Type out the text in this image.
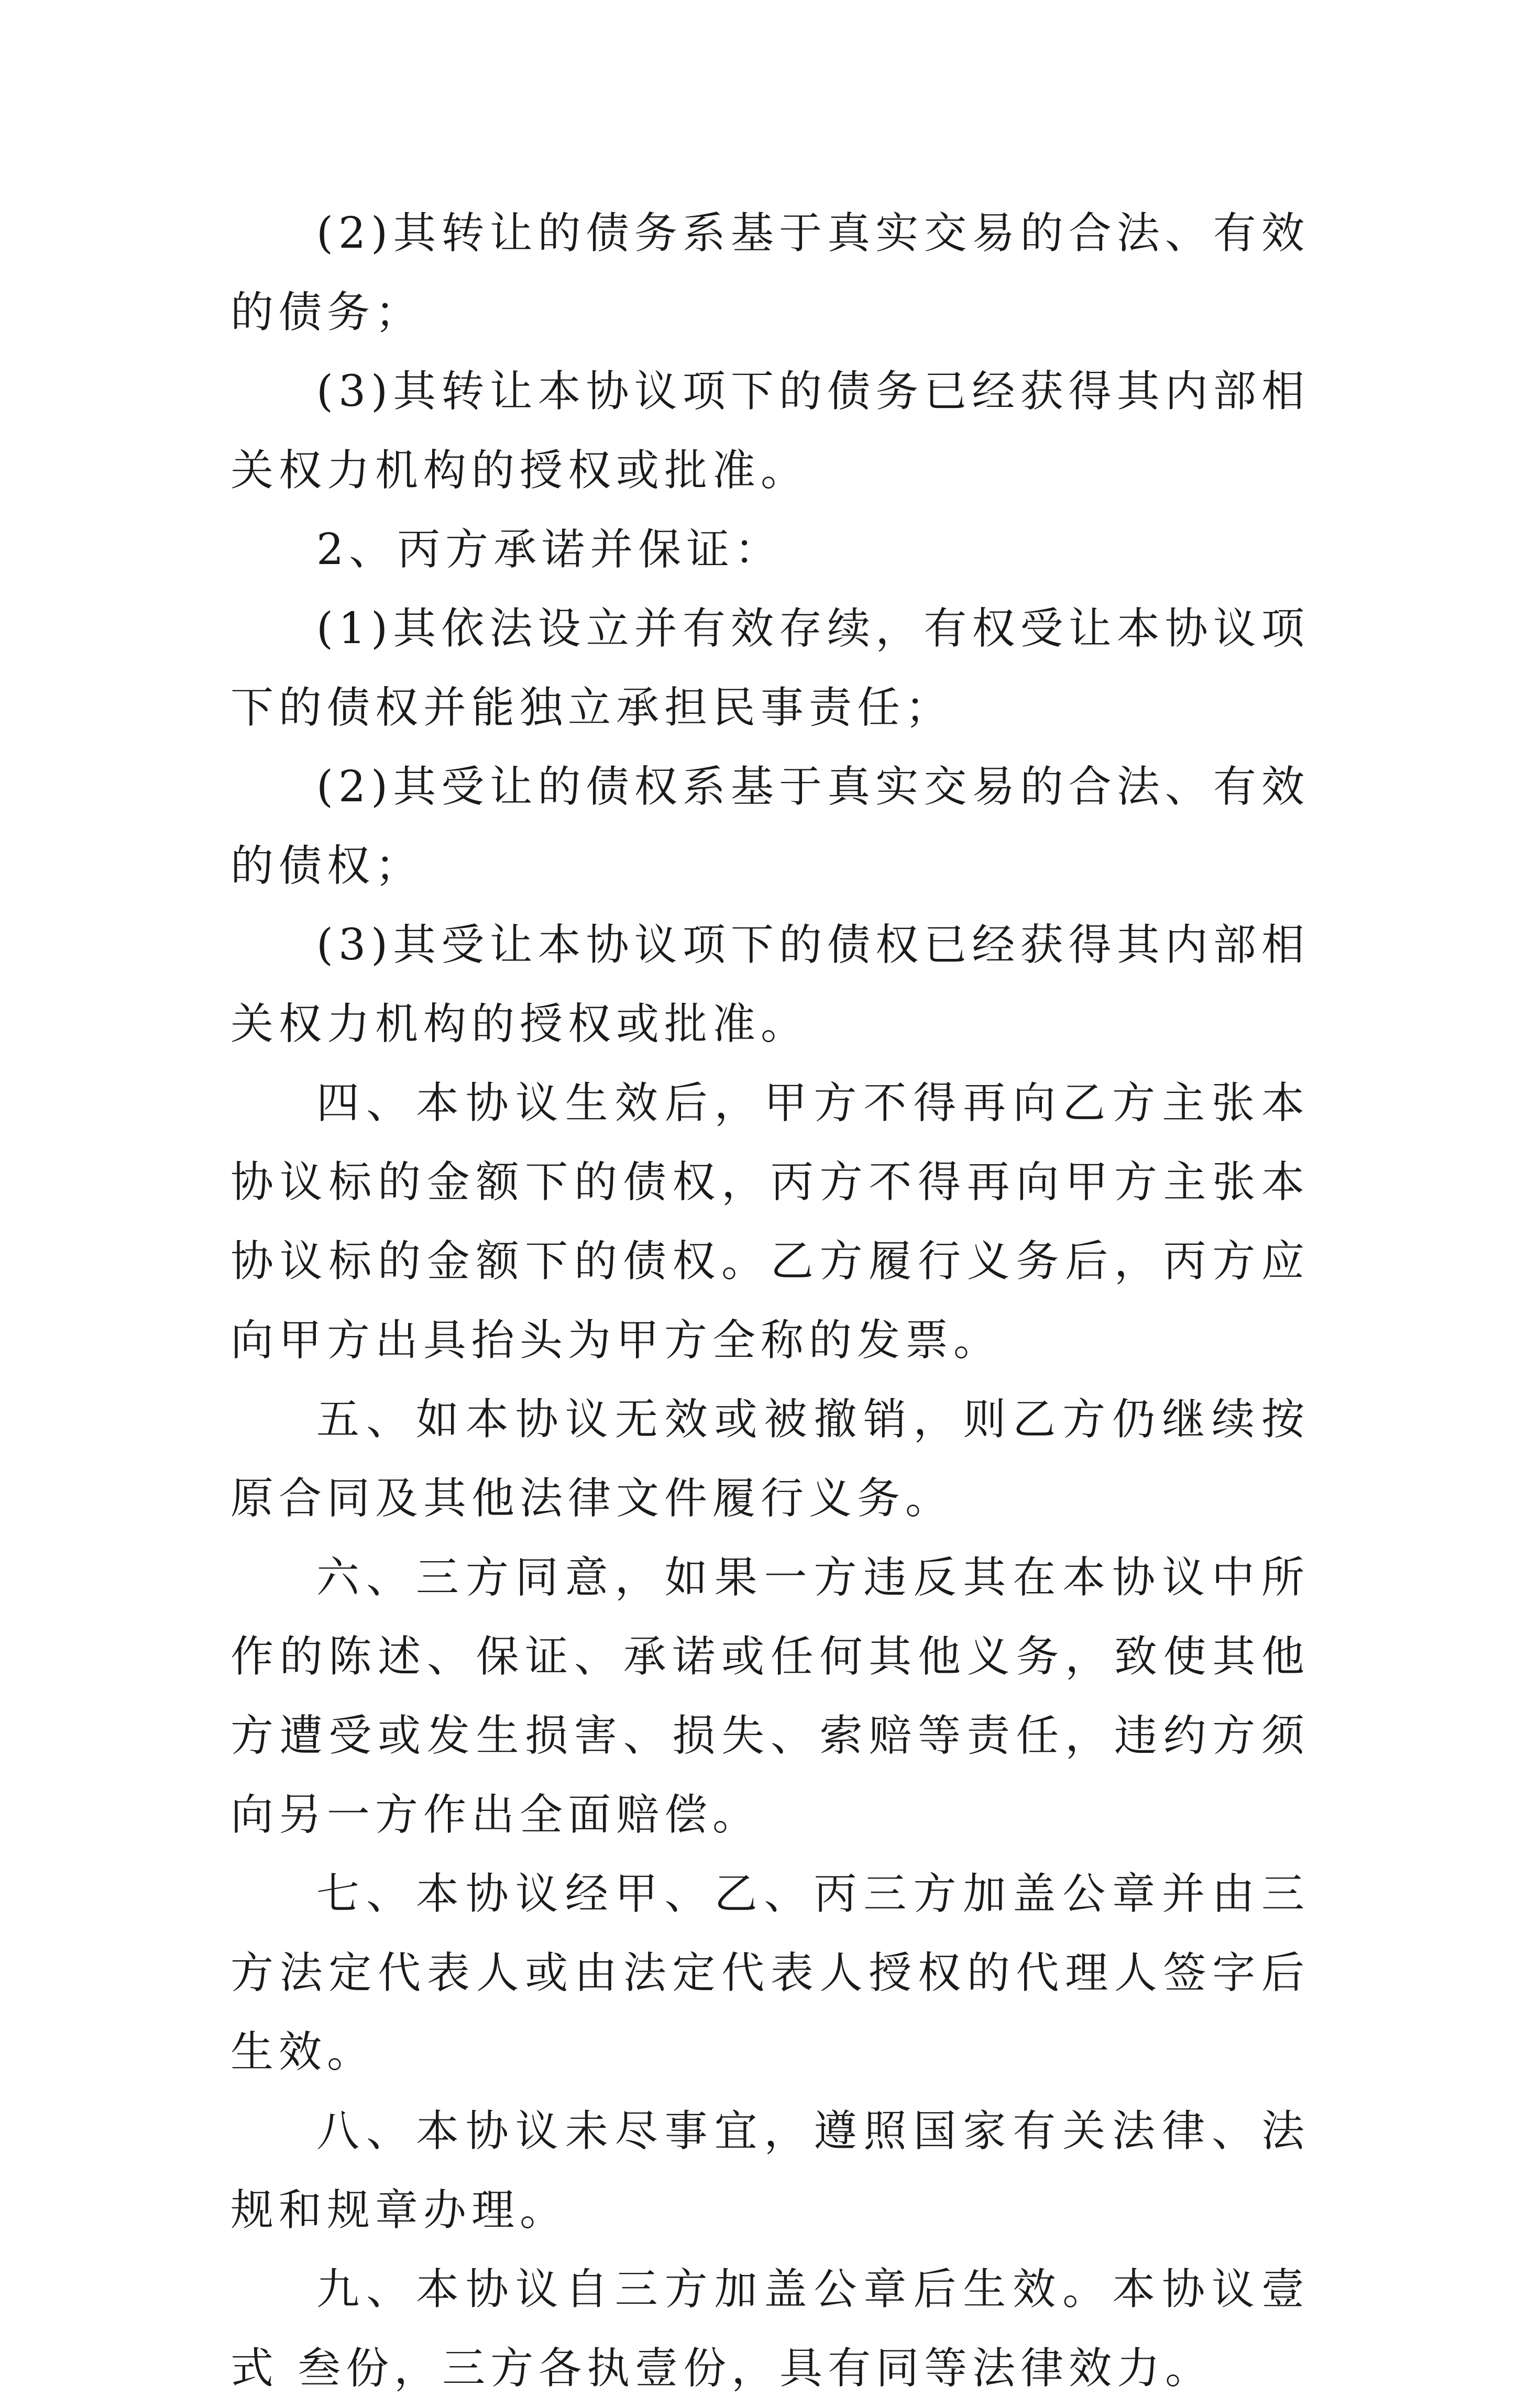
(2)其转让的债务系基于真实交易的合法、有效的债务；

(3)其转让本协议项下的债务已经获得其内部相关权力机构的授权或批准。

2、丙方承诺并保证：

(1)其依法设立并有效存续，有权受让本协议项下的债权并能独立承担民事责任；

(2)其受让的债权系基于真实交易的合法、有效的债权；

(3)其受让本协议项下的债权已经获得其内部相关权力机构的授权或批准。

四、本协议生效后，甲方不得再向乙方主张本协议标的金额下的债权，丙方不得再向甲方主张本协议标的金额下的债权。乙方履行义务后，丙方应向甲方出具抬头为甲方全称的发票。

五、如本协议无效或被撤销，则乙方仍继续按原合同及其他法律文件履行义务。

六、三方同意，如果一方违反其在本协议中所作的陈述、保证、承诺或任何其他义务，致使其他方遭受或发生损害、损失、索赔等责任，违约方须向另一方作出全面赔偿。

七、本协议经甲、乙、丙三方加盖公章并由三方法定代表人或由法定代表人授权的代理人签字后生效。

八、本协议未尽事宜，遵照国家有关法律、法规和规章办理。

九、本协议自三方加盖公章后生效。本协议壹式 叁份，三方各执壹份，具有同等法律效力。
